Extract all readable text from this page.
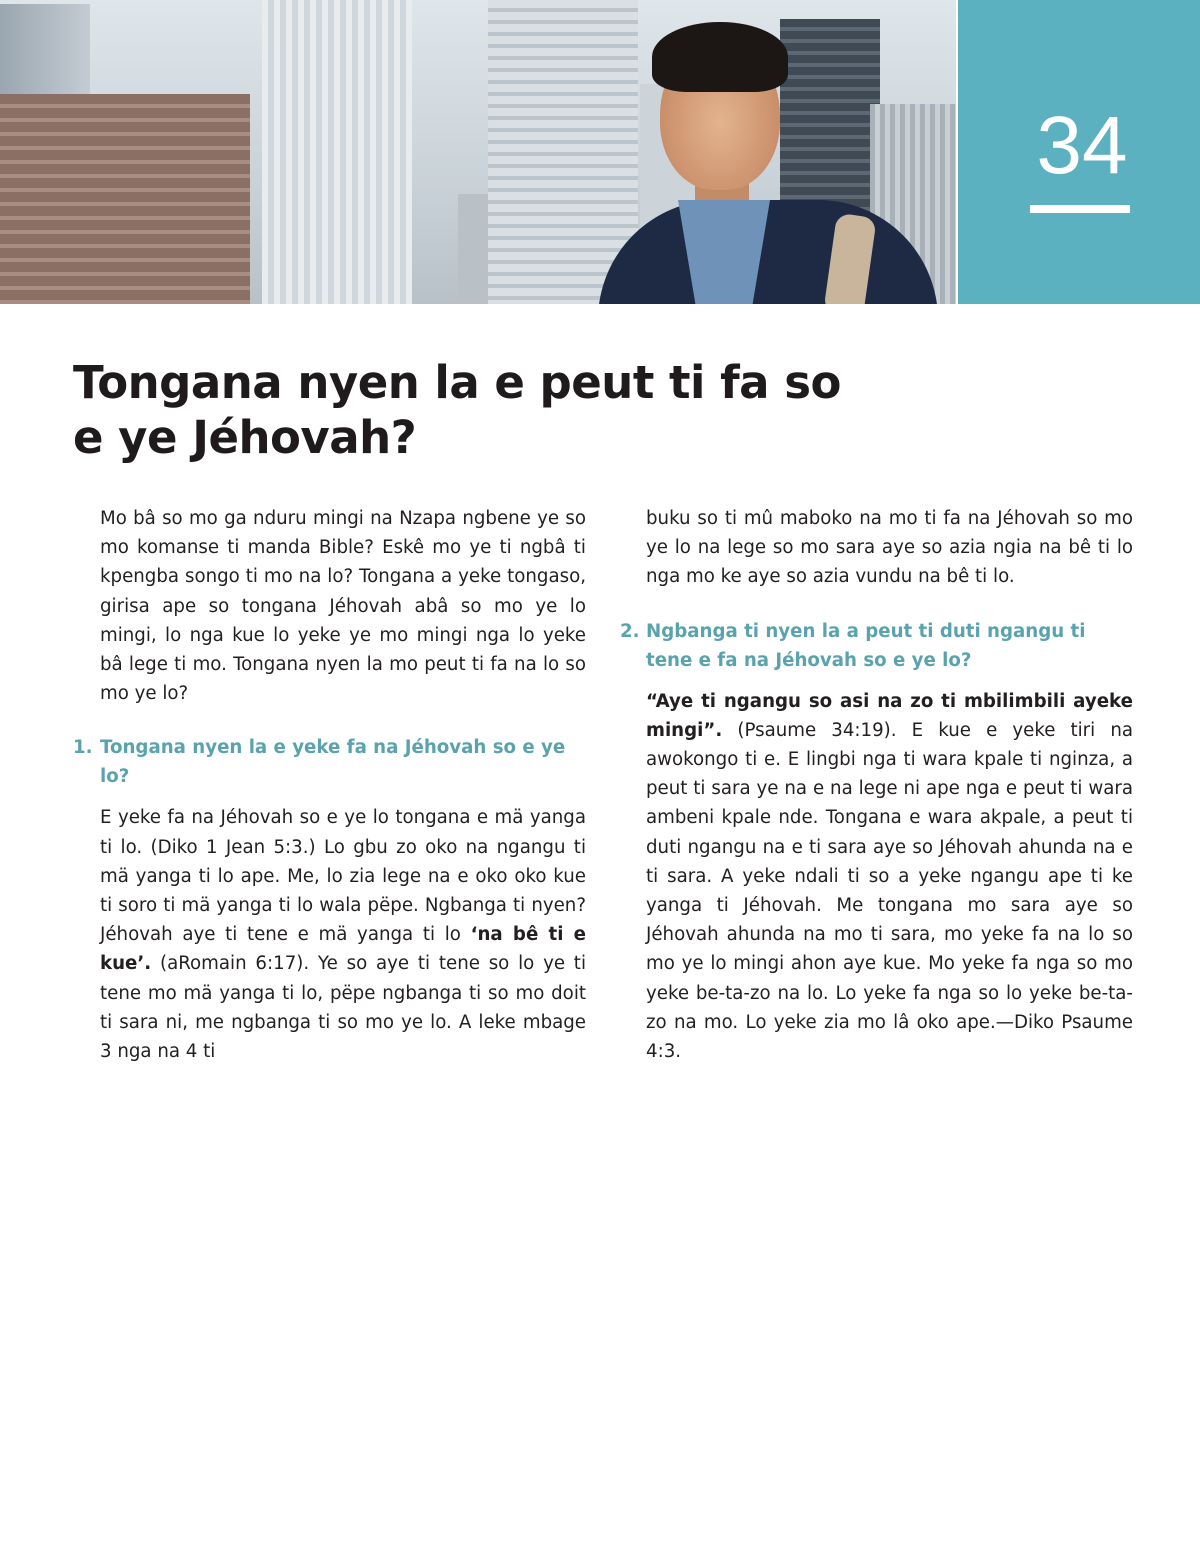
34
Tongana nyen la e peut ti fa so e ye Jéhovah?

Mo bâ so mo ga nduru mingi na Nzapa ngbene ye so mo komanse ti manda Bible? Eskê mo ye ti ngbâ ti kpengba songo ti mo na lo? Tongana a yeke tongaso, girisa ape so tongana Jéhovah abâ so mo ye lo mingi, lo nga kue lo yeke ye mo mingi nga lo yeke bâ lege ti mo. Tongana nyen la mo peut ti fa na lo so mo ye lo?

1. Tongana nyen la e yeke fa na Jéhovah so e ye lo?

E yeke fa na Jéhovah so e ye lo tongana e mä yanga ti lo. (Diko 1 Jean 5:3.) Lo gbu zo oko na ngangu ti mä yanga ti lo ape. Me, lo zia lege na e oko oko kue ti soro ti mä yanga ti lo wala pëpe. Ngbanga ti nyen? Jéhovah aye ti tene e mä yanga ti lo ‘na bê ti e kue’. (aRomain 6:17). Ye so aye ti tene so lo ye ti tene mo mä yanga ti lo, pëpe ngbanga ti so mo doit ti sara ni, me ngbanga ti so mo ye lo. A leke mbage 3 nga na 4 ti

buku so ti mû maboko na mo ti fa na Jéhovah so mo ye lo na lege so mo sara aye so azia ngia na bê ti lo nga mo ke aye so azia vundu na bê ti lo.

2. Ngbanga ti nyen la a peut ti duti ngangu ti tene e fa na Jéhovah so e ye lo?

“Aye ti ngangu so asi na zo ti mbilimbili ayeke mingi”. (Psaume 34:19). E kue e yeke tiri na awokongo ti e. E lingbi nga ti wara kpale ti nginza, a peut ti sara ye na e na lege ni ape nga e peut ti wara ambeni kpale nde. Tongana e wara akpale, a peut ti duti ngangu na e ti sara aye so Jéhovah ahunda na e ti sara. A yeke ndali ti so a yeke ngangu ape ti ke yanga ti Jéhovah. Me tongana mo sara aye so Jéhovah ahunda na mo ti sara, mo yeke fa na lo so mo ye lo mingi ahon aye kue. Mo yeke fa nga so mo yeke be-ta-zo na lo. Lo yeke fa nga so lo yeke be-ta-zo na mo. Lo yeke zia mo lâ oko ape.—Diko Psaume 4:3.
